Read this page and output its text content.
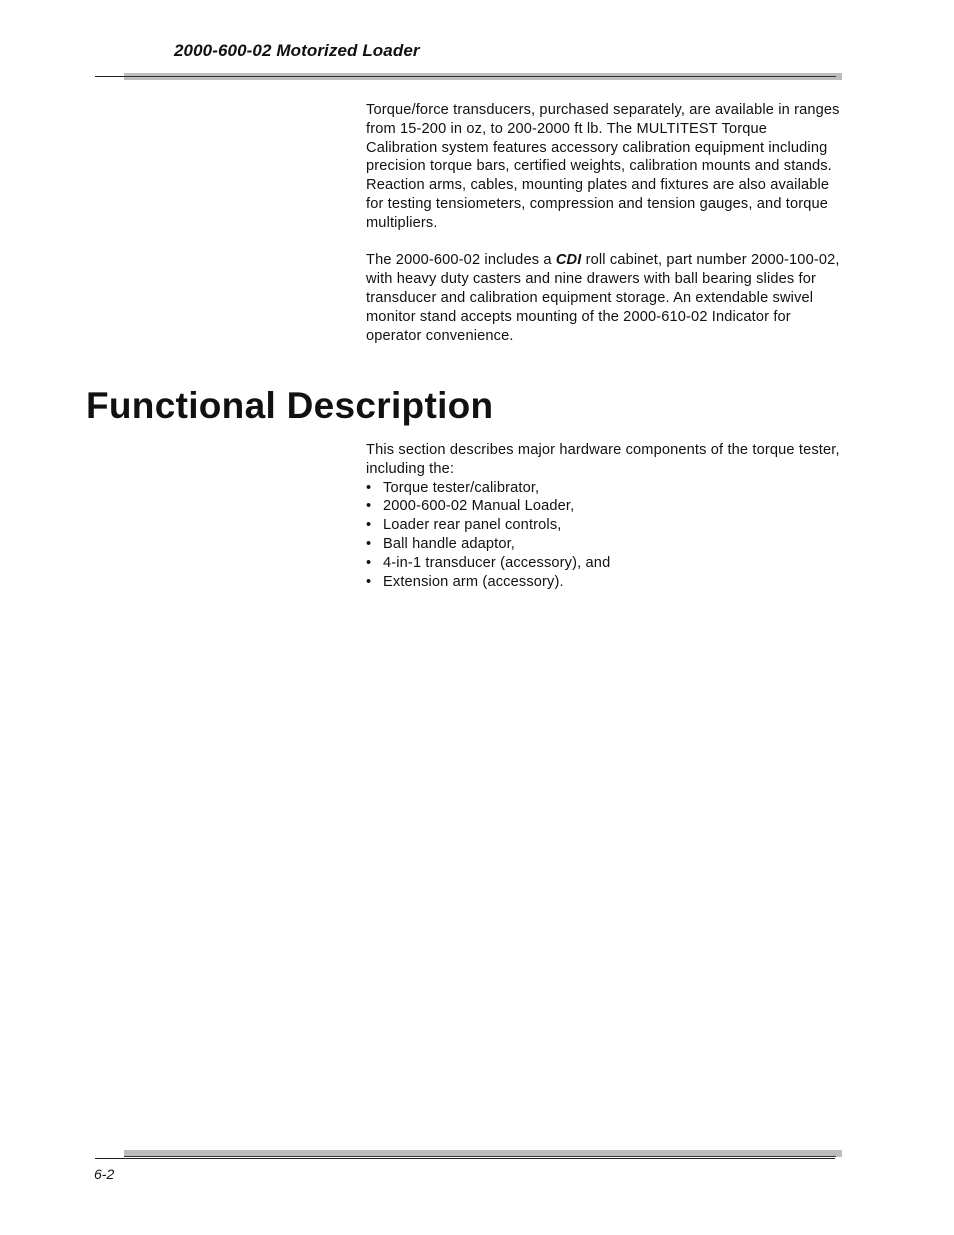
2000-600-02 Motorized Loader

Torque/force transducers, purchased separately, are available in ranges from 15-200 in oz, to 200-2000 ft lb. The MULTITEST Torque Calibration system features accessory calibration equipment including precision torque bars, certified weights, calibration mounts and stands. Reaction arms, cables, mounting plates and fixtures are also available for testing tensiometers, compression and tension gauges, and torque multipliers.

The 2000-600-02 includes a CDI roll cabinet, part number 2000-100-02, with heavy duty casters and nine drawers with ball bearing slides for transducer and calibration equipment storage. An extendable swivel monitor stand accepts mounting of the 2000-610-02 Indicator for operator convenience.

Functional Description

This section describes major hardware components of the torque tester, including the:

• Torque tester/calibrator,
• 2000-600-02 Manual Loader,
• Loader rear panel controls,
• Ball handle adaptor,
• 4-in-1 transducer (accessory), and
• Extension arm (accessory).
6-2
